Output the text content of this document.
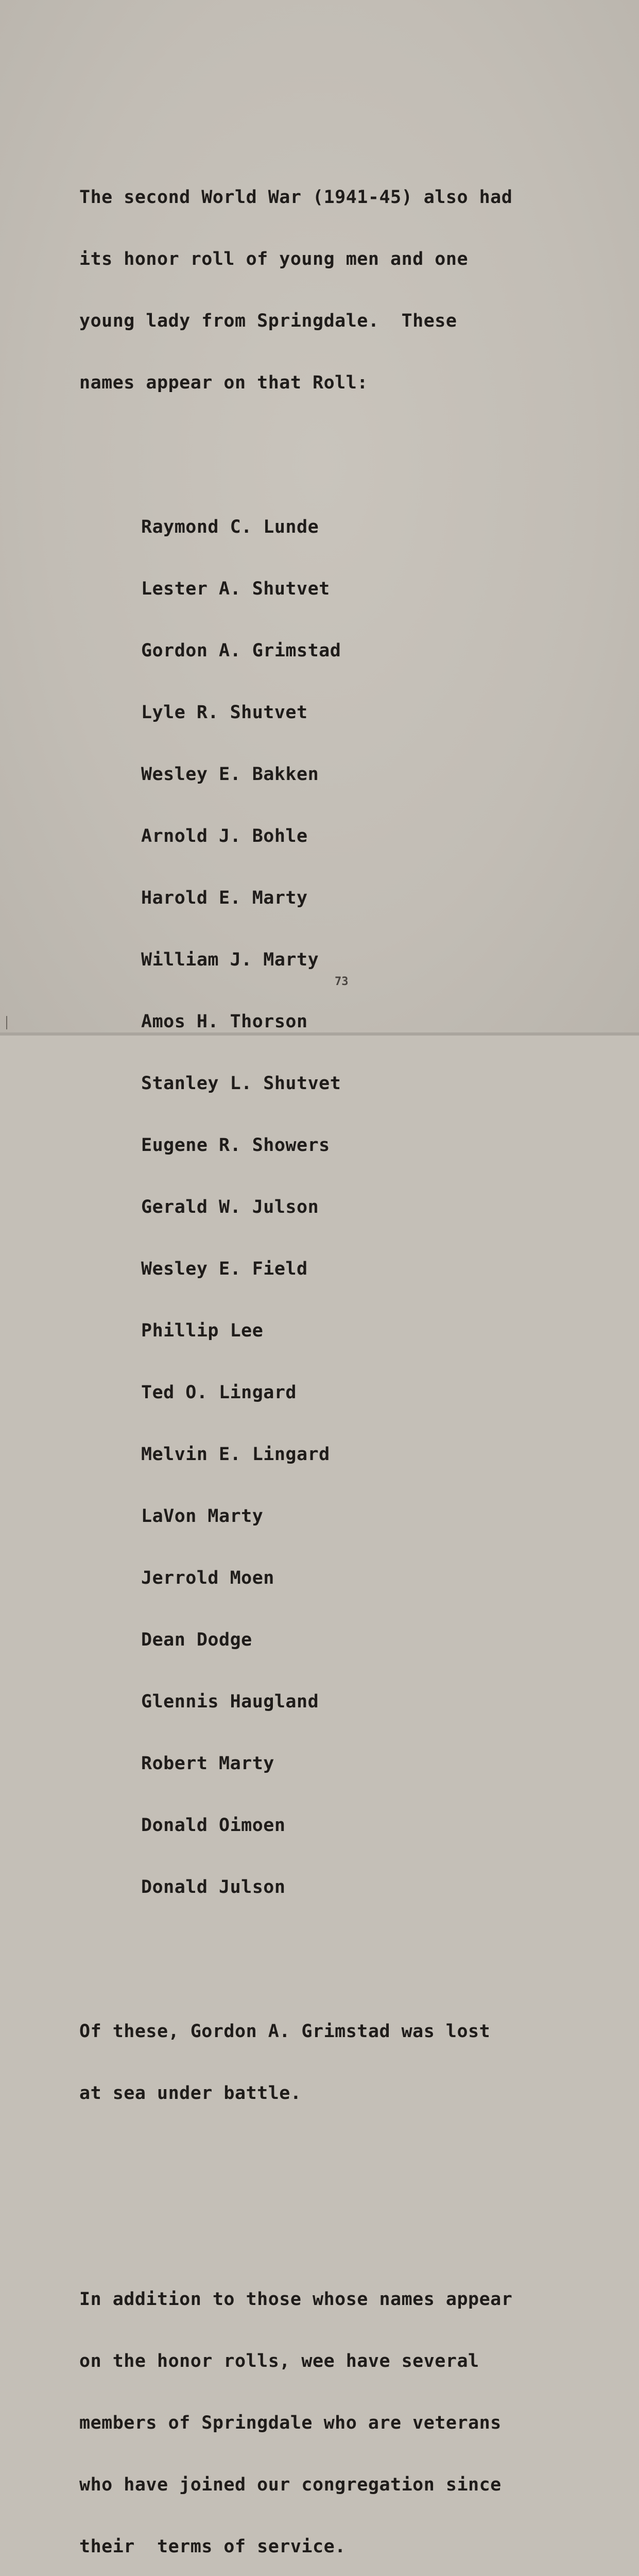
The second World War (1941-45) also had

its honor roll of young men and one

young lady from Springdale.  These

names appear on that Roll:

Raymond C. Lunde

Lester A. Shutvet

Gordon A. Grimstad

Lyle R. Shutvet

Wesley E. Bakken

Arnold J. Bohle

Harold E. Marty

William J. Marty

Amos H. Thorson

Stanley L. Shutvet

Eugene R. Showers

Gerald W. Julson

Wesley E. Field

Phillip Lee

Ted O. Lingard

Melvin E. Lingard

LaVon Marty

Jerrold Moen

Dean Dodge

Glennis Haugland

Robert Marty

Donald Oimoen

Donald Julson

Of these, Gordon A. Grimstad was lost

at sea under battle.

In addition to those whose names appear

on the honor rolls, wee have several

members of Springdale who are veterans

who have joined our congregation since

their  terms of service.

73
